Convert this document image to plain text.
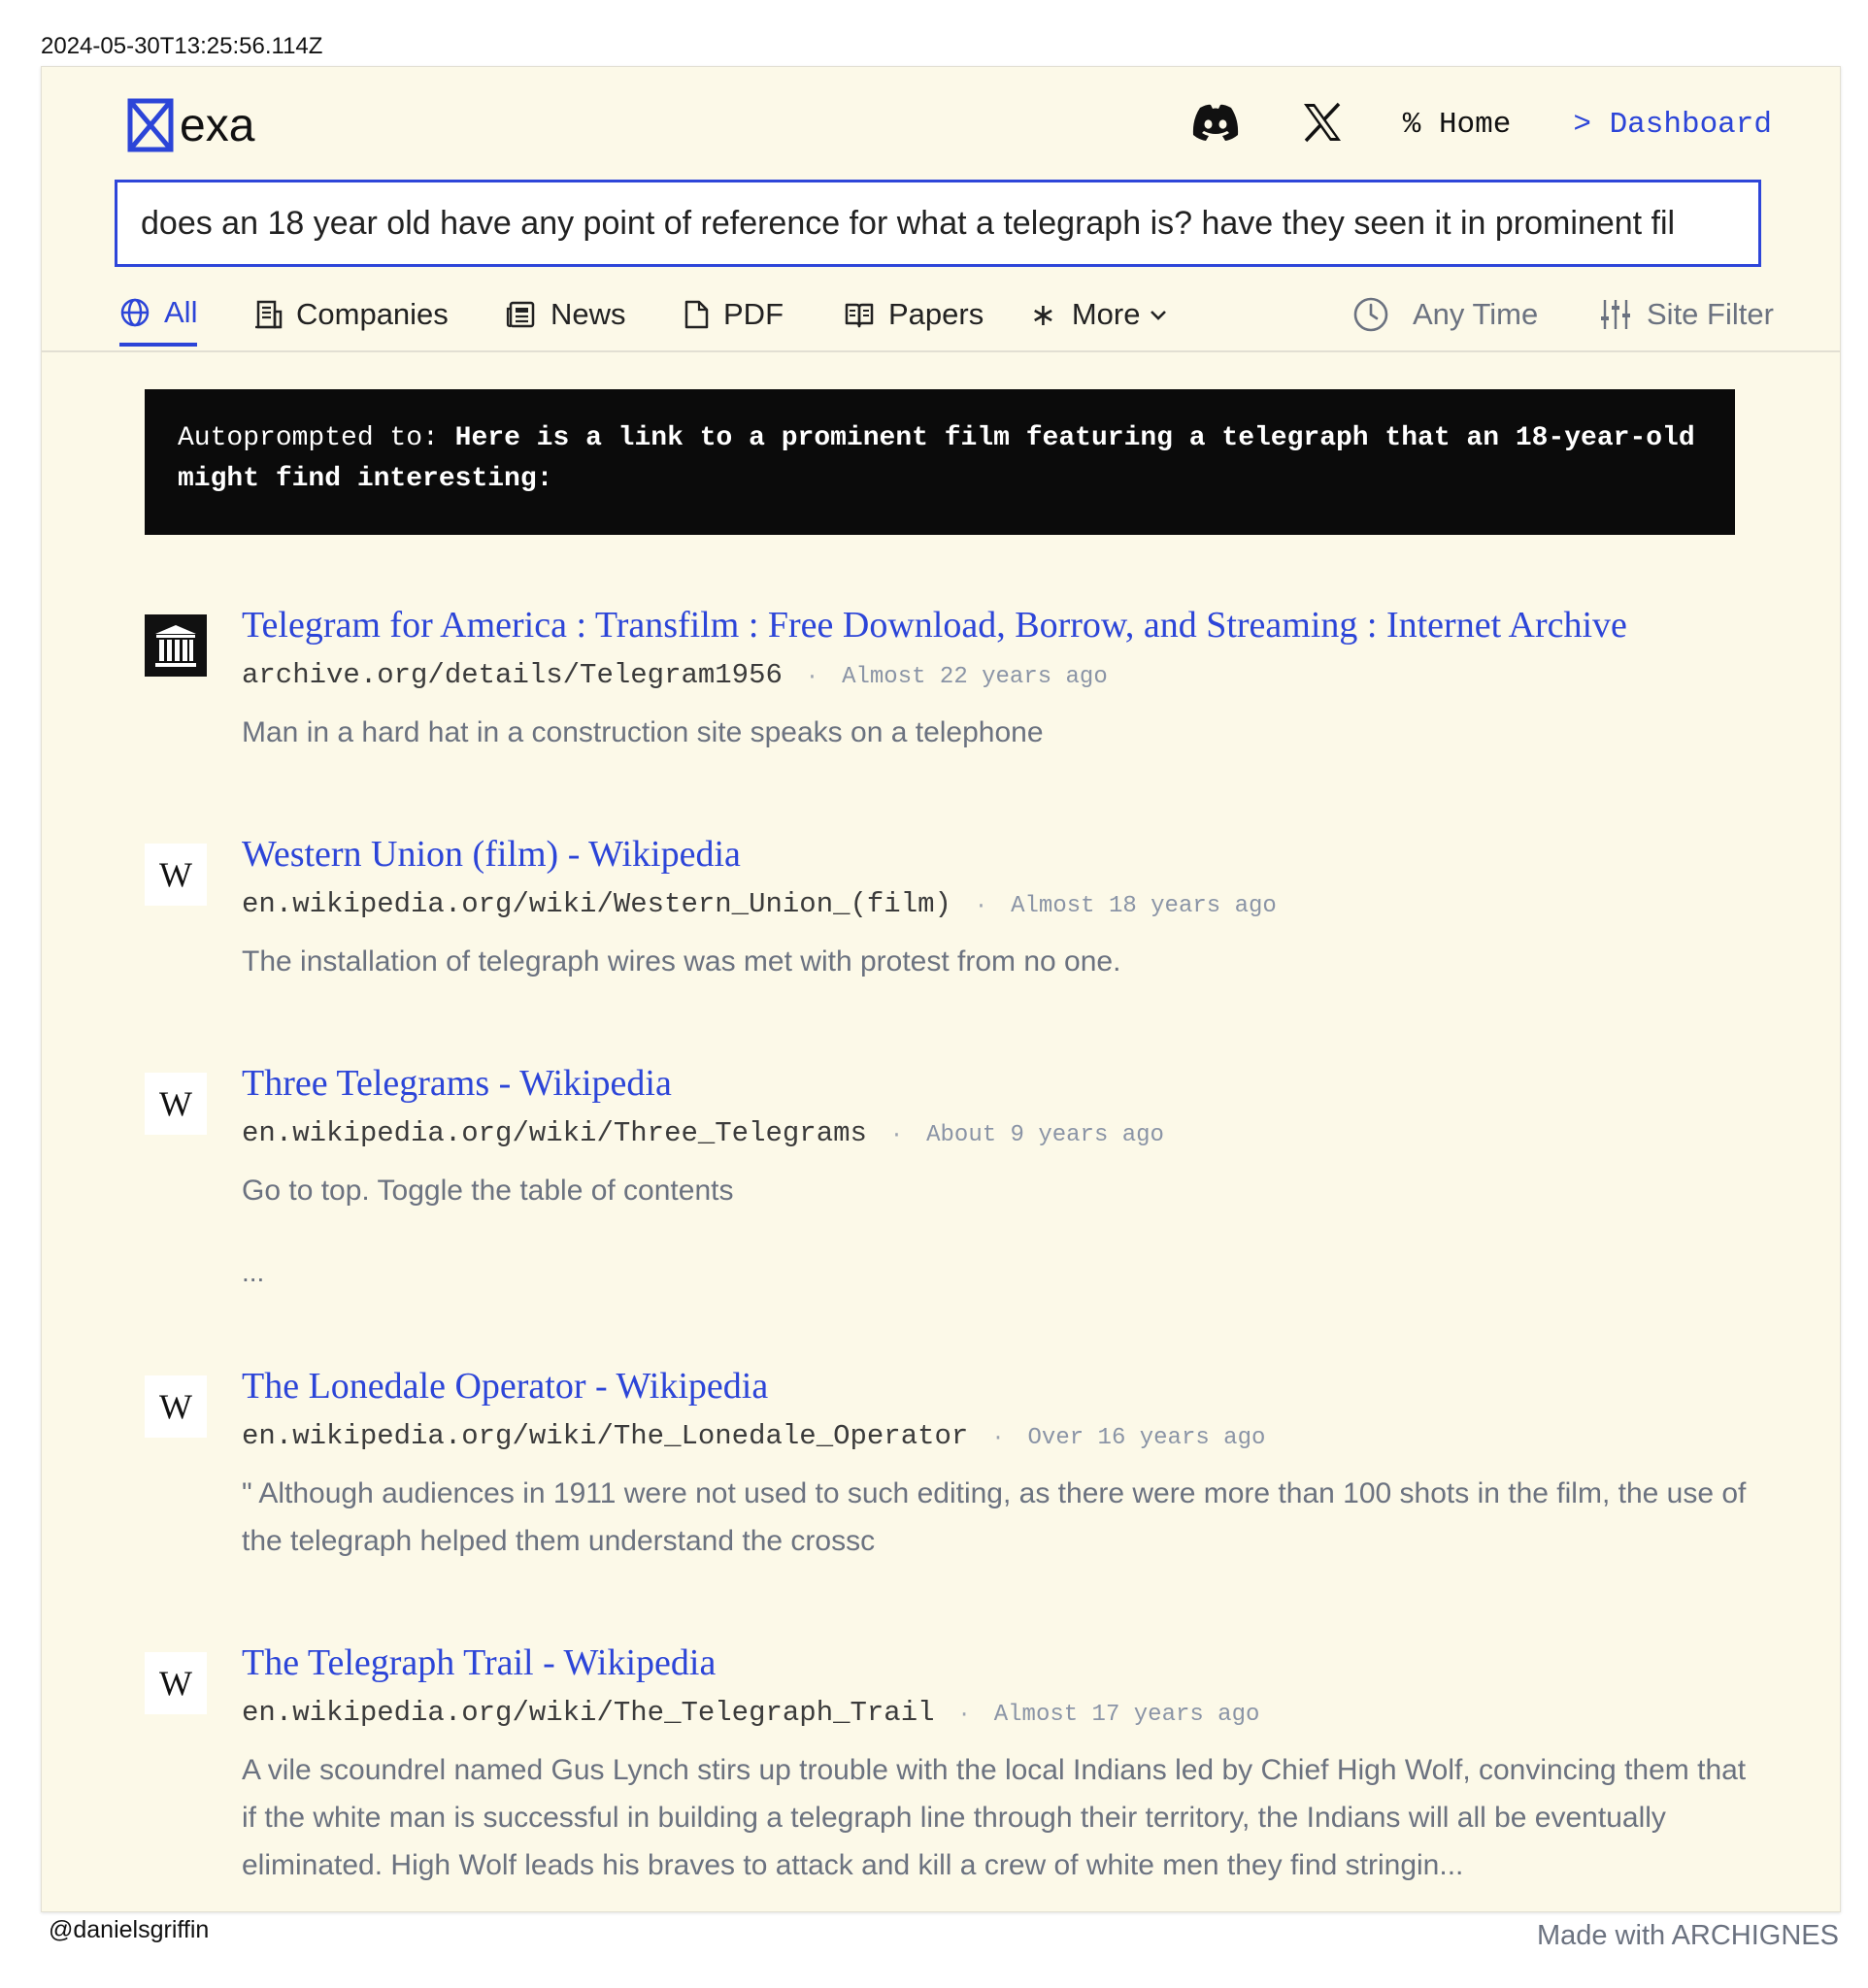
2024-05-30T13:25:56.114Z
exa	% Home > Dashboard
does an 18 year old have any point of reference for what a telegraph is? have they seen it in prominent fil
All	Companies	News	PDF	Papers ∗ More	Any Time	Site Filter
Autoprompted to: Here is a link to a prominent film featuring a telegraph that an 18-year-old might find interesting:
Telegram for America : Transfilm : Free Download, Borrow, and Streaming : Internet Archive
archive.org/details/Telegram1956 · Almost 22 years ago
Man in a hard hat in a construction site speaks on a telephone
W	Western Union (film) - Wikipedia
en.wikipedia.org/wiki/Western_Union_(film) · Almost 18 years ago
The installation of telegraph wires was met with protest from no one.
W	Three Telegrams - Wikipedia
en.wikipedia.org/wiki/Three_Telegrams · About 9 years ago
Go to top. Toggle the table of contents
...
W	The Lonedale Operator - Wikipedia
en.wikipedia.org/wiki/The_Lonedale_Operator · Over 16 years ago
" Although audiences in 1911 were not used to such editing, as there were more than 100 shots in the film, the use of the telegraph helped them understand the crossc
W	The Telegraph Trail - Wikipedia
en.wikipedia.org/wiki/The_Telegraph_Trail · Almost 17 years ago
A vile scoundrel named Gus Lynch stirs up trouble with the local Indians led by Chief High Wolf, convincing them that if the white man is successful in building a telegraph line through their territory, the Indians will all be eventually eliminated. High Wolf leads his braves to attack and kill a crew of white men they find stringin...
@danielsgriffin	Made with ARCHIGNES
